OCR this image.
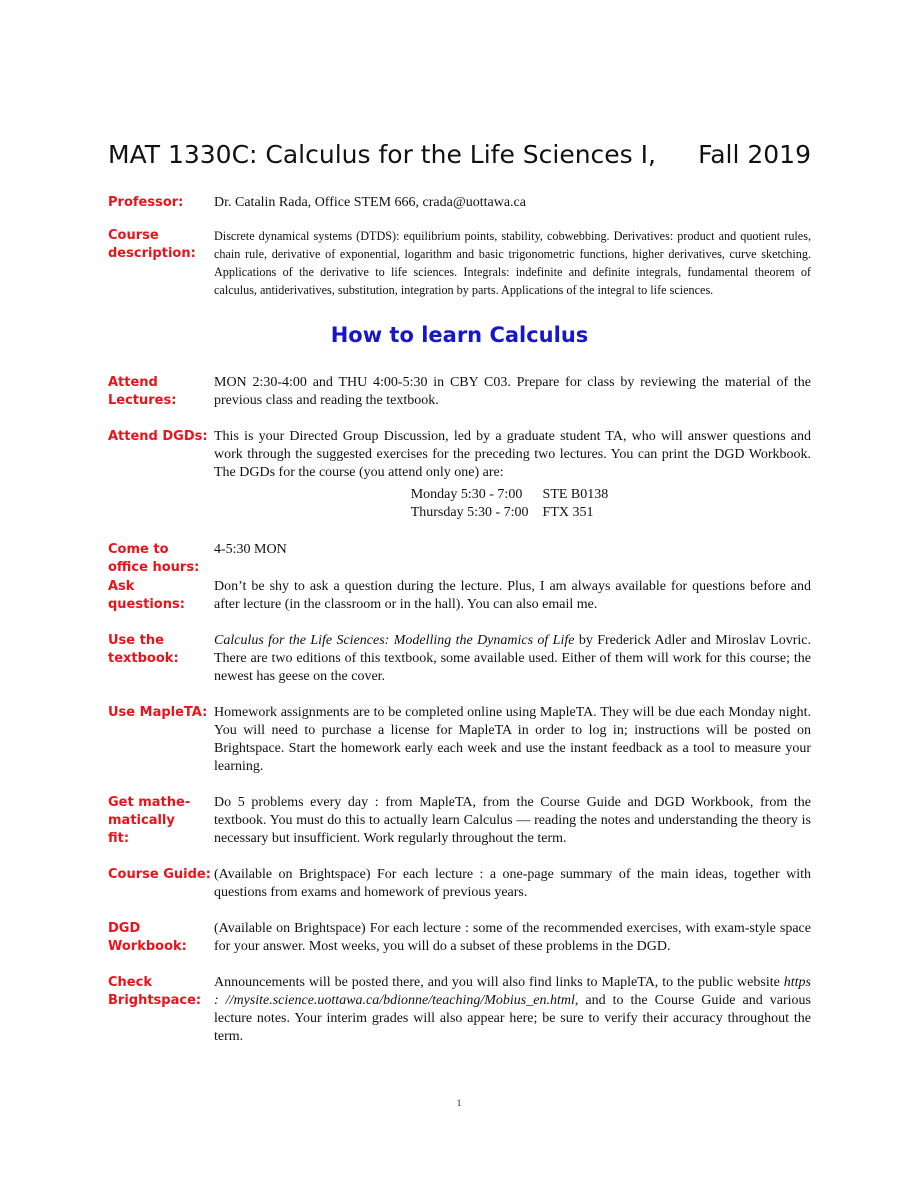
MAT 1330C: Calculus for the Life Sciences I, Fall 2019
Professor:	Dr. Catalin Rada, Office STEM 666, crada@uottawa.ca
Course
description:
Discrete dynamical systems (DTDS): equilibrium points, stability, cobwebbing. Derivatives: product and quotient rules, chain rule, derivative of exponential, logarithm and basic trigonometric functions, higher derivatives, curve sketching. Applications of the derivative to life sciences. Integrals: indefinite and definite integrals, fundamental theorem of calculus, antiderivatives, substitution, integration by parts. Applications of the integral to life sciences.
How to learn Calculus
Attend
Lectures:
MON 2:30-4:00 and THU 4:00-5:30 in CBY C03. Prepare for class by reviewing the material of the previous class and reading the textbook.
Attend DGDs: This is your Directed Group Discussion, led by a graduate student TA, who will answer questions and work through the suggested exercises for the preceding two lectures. You can print the DGD Workbook. The DGDs for the course (you attend only one) are:

Monday 5:30 - 7:00	STE B0138
Thursday 5:30 - 7:00	FTX 351
Come to
office hours:
4-5:30 MON
Ask questions:
Don’t be shy to ask a question during the lecture. Plus, I am always available for questions before and after lecture (in the classroom or in the hall). You can also email me.
Use the
textbook:
Calculus for the Life Sciences: Modelling the Dynamics of Life by Frederick Adler and Miroslav Lovric. There are two editions of this textbook, some available used. Either of them will work for this course; the newest has geese on the cover.
Use MapleTA: Homework assignments are to be completed online using MapleTA. They will be due each Monday night. You will need to purchase a license for MapleTA in order to log in; instructions will be posted on Brightspace. Start the homework early each week and use the instant feedback as a tool to measure your learning.
Get mathe-
matically
fit:
Do 5 problems every day : from MapleTA, from the Course Guide and DGD Workbook, from the textbook. You must do this to actually learn Calculus — reading the notes and understanding the theory is necessary but insufficient. Work regularly throughout the term.
Course Guide: (Available on Brightspace) For each lecture : a one-page summary of the main ideas, together with questions from exams and homework of previous years.
DGD
Workbook:
(Available on Brightspace) For each lecture : some of the recommended exercises, with exam-style space for your answer. Most weeks, you will do a subset of these problems in the DGD.
Check
Brightspace:
Announcements will be posted there, and you will also find links to MapleTA, to the public website https : //mysite.science.uottawa.ca/bdionne/teaching/Mobius_en.html, and to the Course Guide and various lecture notes. Your interim grades will also appear here; be sure to verify their accuracy throughout the term.
1
